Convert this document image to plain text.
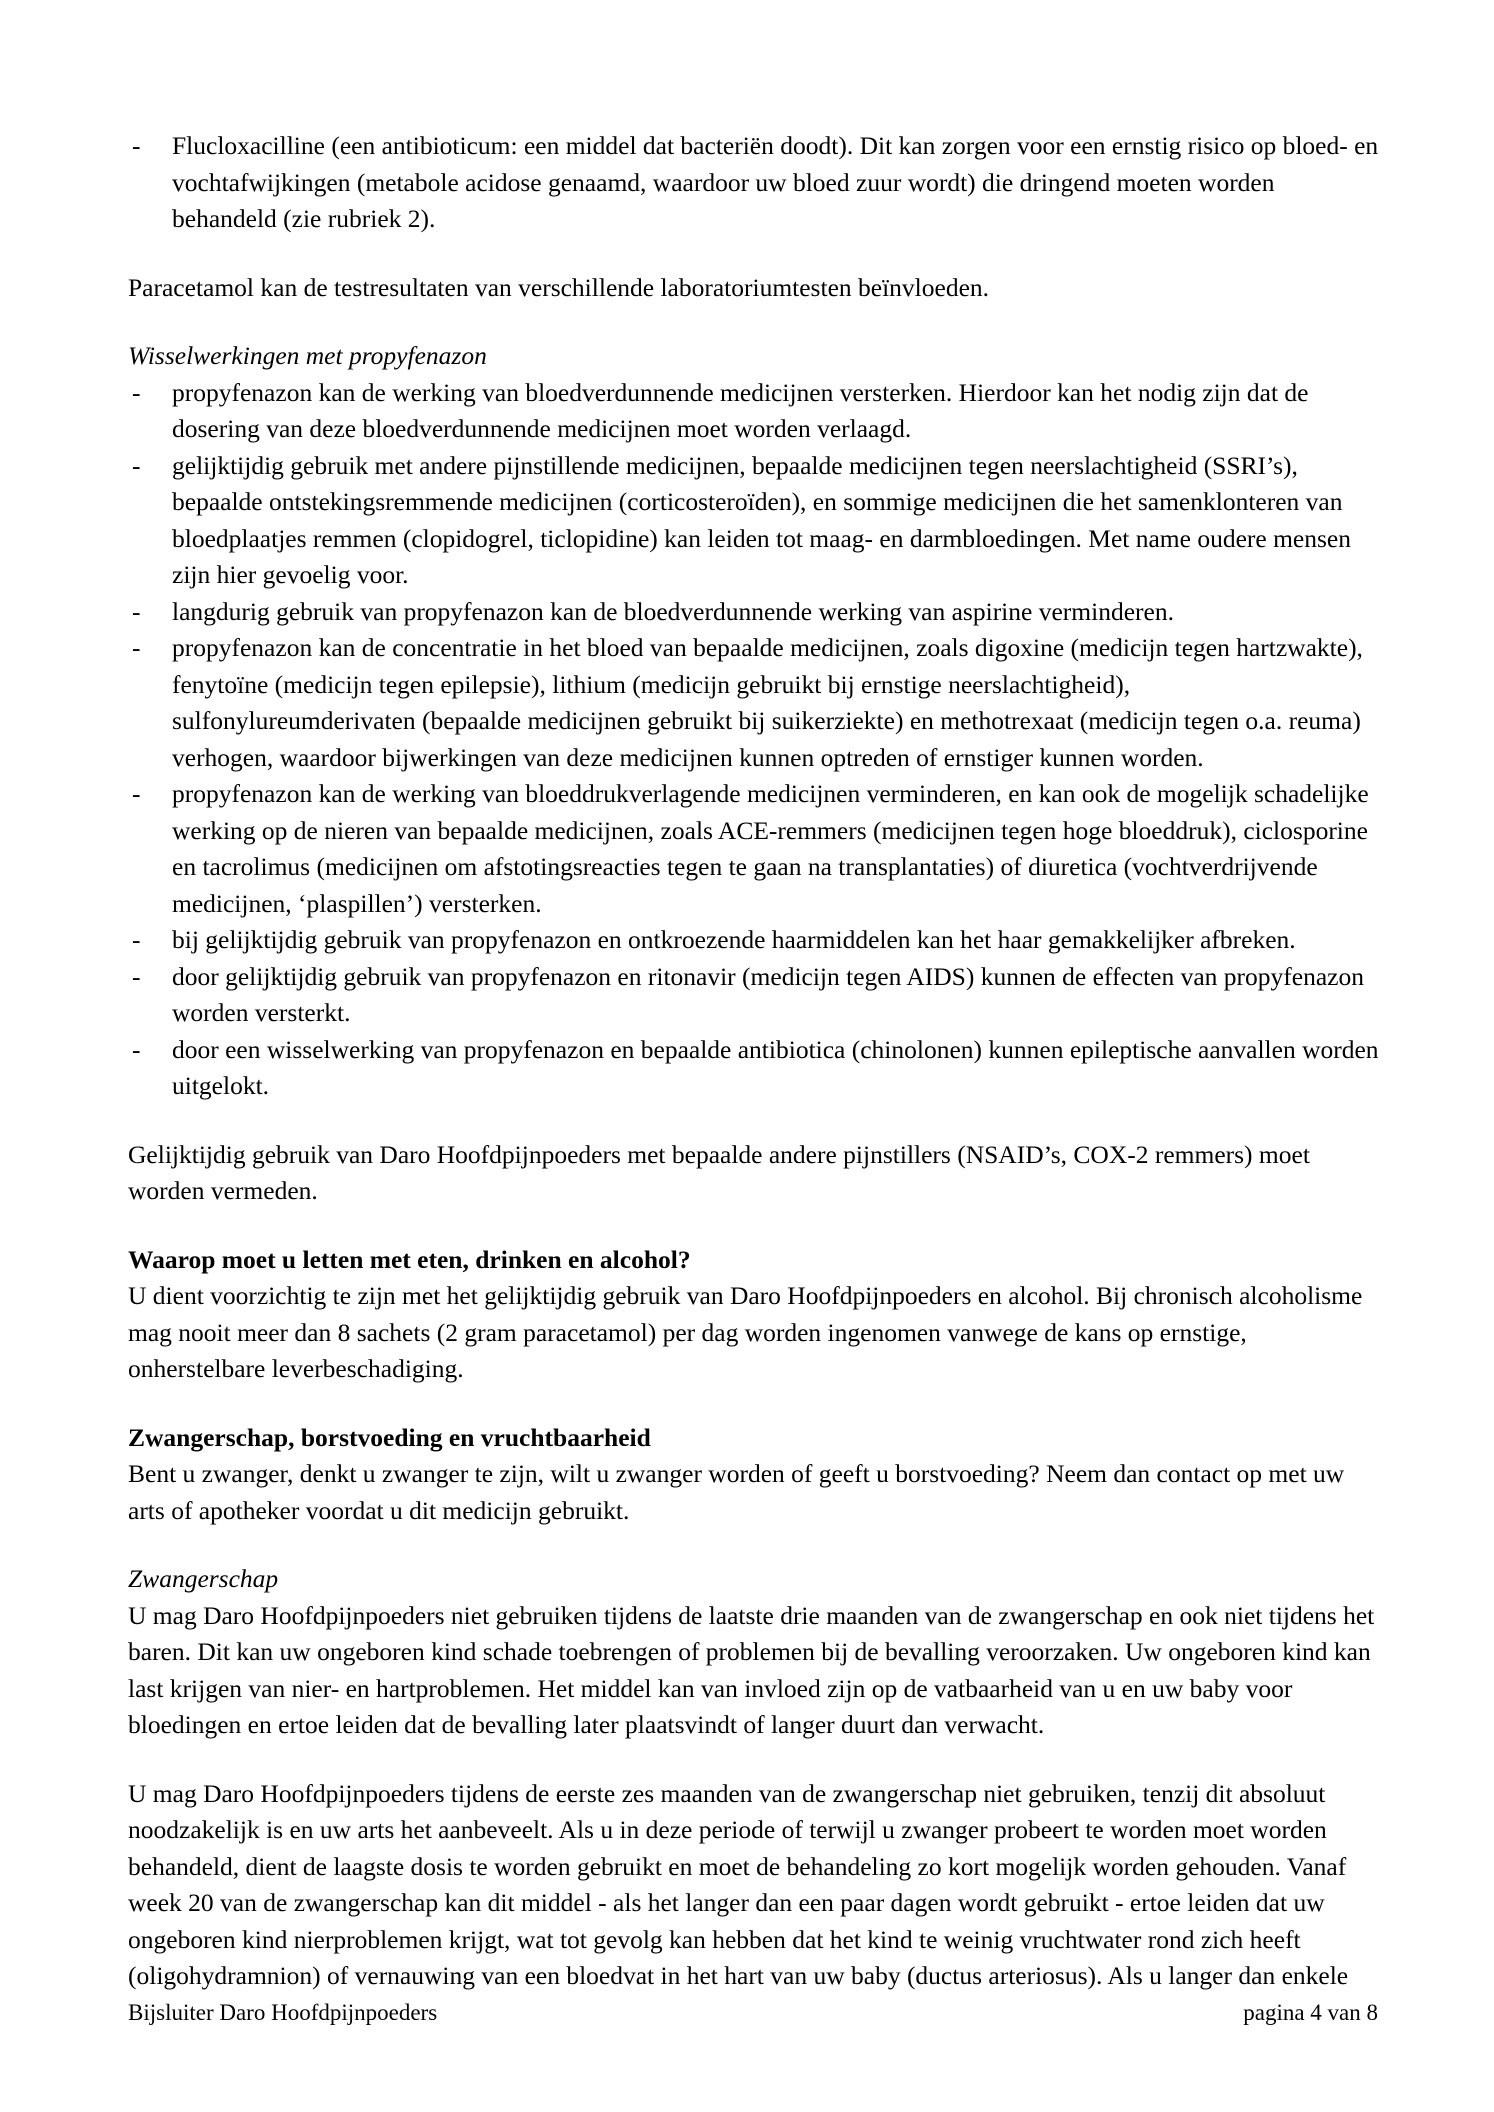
- Flucloxacilline (een antibioticum: een middel dat bacteriën doodt). Dit kan zorgen voor een ernstig risico op bloed- en vochtafwijkingen (metabole acidose genaamd, waardoor uw bloed zuur wordt) die dringend moeten worden behandeld (zie rubriek 2).

Paracetamol kan de testresultaten van verschillende laboratoriumtesten beïnvloeden.

Wisselwerkingen met propyfenazon
- propyfenazon kan de werking van bloedverdunnende medicijnen versterken. Hierdoor kan het nodig zijn dat de dosering van deze bloedverdunnende medicijnen moet worden verlaagd.
- gelijktijdig gebruik met andere pijnstillende medicijnen, bepaalde medicijnen tegen neerslachtigheid (SSRI’s), bepaalde ontstekingsremmende medicijnen (corticosteroïden), en sommige medicijnen die het samenklonteren van bloedplaatjes remmen (clopidogrel, ticlopidine) kan leiden tot maag- en darmbloedingen. Met name oudere mensen zijn hier gevoelig voor.
- langdurig gebruik van propyfenazon kan de bloedverdunnende werking van aspirine verminderen.
- propyfenazon kan de concentratie in het bloed van bepaalde medicijnen, zoals digoxine (medicijn tegen hartzwakte), fenytoïne (medicijn tegen epilepsie), lithium (medicijn gebruikt bij ernstige neerslachtigheid), sulfonylureumderivaten (bepaalde medicijnen gebruikt bij suikerziekte) en methotrexaat (medicijn tegen o.a. reuma) verhogen, waardoor bijwerkingen van deze medicijnen kunnen optreden of ernstiger kunnen worden.
- propyfenazon kan de werking van bloeddrukverlagende medicijnen verminderen, en kan ook de mogelijk schadelijke werking op de nieren van bepaalde medicijnen, zoals ACE-remmers (medicijnen tegen hoge bloeddruk), ciclosporine en tacrolimus (medicijnen om afstotingsreacties tegen te gaan na transplantaties) of diuretica (vochtverdrijvende medicijnen, ‘plaspillen’) versterken.
- bij gelijktijdig gebruik van propyfenazon en ontkroezende haarmiddelen kan het haar gemakkelijker afbreken.
- door gelijktijdig gebruik van propyfenazon en ritonavir (medicijn tegen AIDS) kunnen de effecten van propyfenazon worden versterkt.
- door een wisselwerking van propyfenazon en bepaalde antibiotica (chinolonen) kunnen epileptische aanvallen worden uitgelokt.

Gelijktijdig gebruik van Daro Hoofdpijnpoeders met bepaalde andere pijnstillers (NSAID’s, COX-2 remmers) moet worden vermeden.

Waarop moet u letten met eten, drinken en alcohol?

U dient voorzichtig te zijn met het gelijktijdig gebruik van Daro Hoofdpijnpoeders en alcohol. Bij chronisch alcoholisme mag nooit meer dan 8 sachets (2 gram paracetamol) per dag worden ingenomen vanwege de kans op ernstige, onherstelbare leverbeschadiging.

Zwangerschap, borstvoeding en vruchtbaarheid

Bent u zwanger, denkt u zwanger te zijn, wilt u zwanger worden of geeft u borstvoeding? Neem dan contact op met uw arts of apotheker voordat u dit medicijn gebruikt.

Zwangerschap

U mag Daro Hoofdpijnpoeders niet gebruiken tijdens de laatste drie maanden van de zwangerschap en ook niet tijdens het baren. Dit kan uw ongeboren kind schade toebrengen of problemen bij de bevalling veroorzaken. Uw ongeboren kind kan last krijgen van nier- en hartproblemen. Het middel kan van invloed zijn op de vatbaarheid van u en uw baby voor bloedingen en ertoe leiden dat de bevalling later plaatsvindt of langer duurt dan verwacht.

U mag Daro Hoofdpijnpoeders tijdens de eerste zes maanden van de zwangerschap niet gebruiken, tenzij dit absoluut noodzakelijk is en uw arts het aanbeveelt. Als u in deze periode of terwijl u zwanger probeert te worden moet worden behandeld, dient de laagste dosis te worden gebruikt en moet de behandeling zo kort mogelijk worden gehouden. Vanaf week 20 van de zwangerschap kan dit middel - als het langer dan een paar dagen wordt gebruikt - ertoe leiden dat uw ongeboren kind nierproblemen krijgt, wat tot gevolg kan hebben dat het kind te weinig vruchtwater rond zich heeft (oligohydramnion) of vernauwing van een bloedvat in het hart van uw baby (ductus arteriosus). Als u langer dan enkele

Bijsluiter Daro Hoofdpijnpoeders	pagina 4 van 8
